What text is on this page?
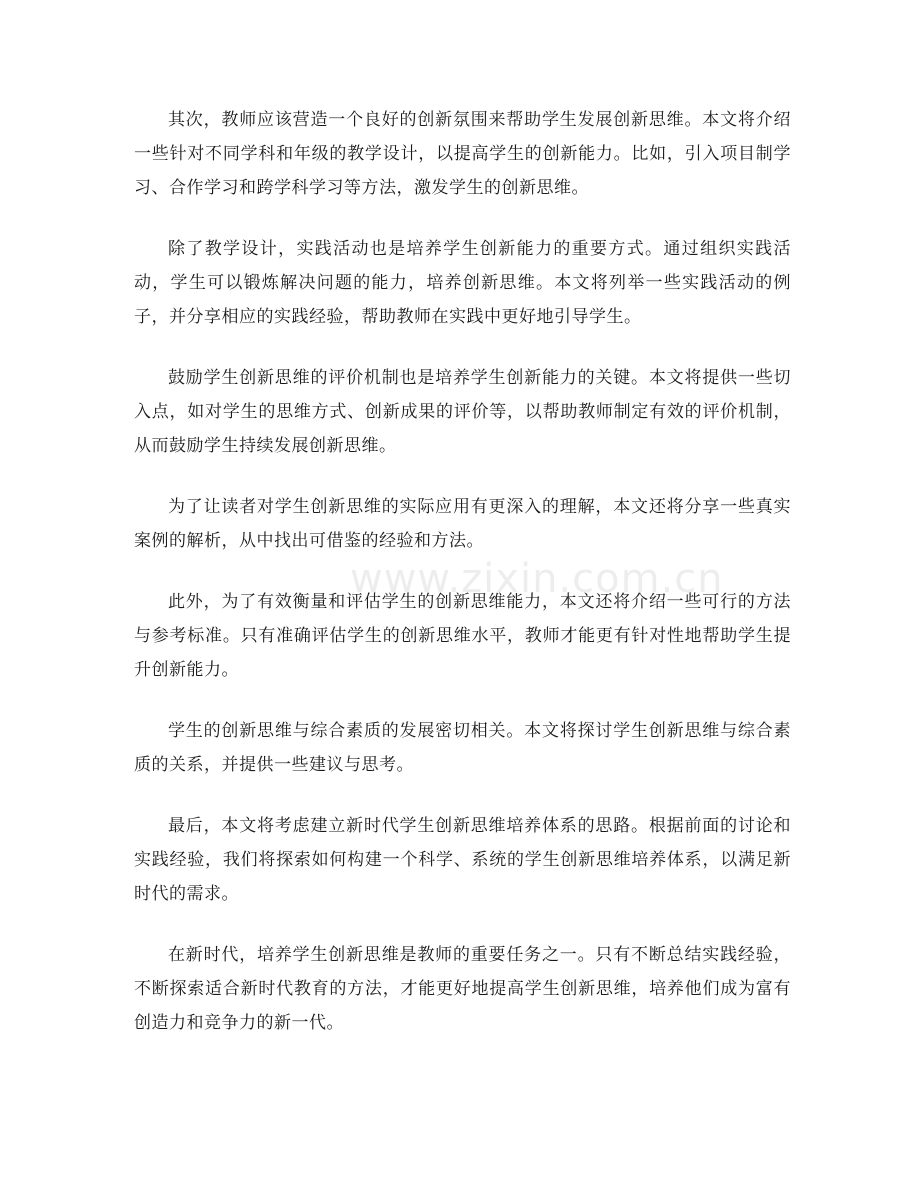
其次，教师应该营造一个良好的创新氛围来帮助学生发展创新思维。本文将介绍一些针对不同学科和年级的教学设计，以提高学生的创新能力。比如，引入项目制学习、合作学习和跨学科学习等方法，激发学生的创新思维。

除了教学设计，实践活动也是培养学生创新能力的重要方式。通过组织实践活动，学生可以锻炼解决问题的能力，培养创新思维。本文将列举一些实践活动的例子，并分享相应的实践经验，帮助教师在实践中更好地引导学生。

鼓励学生创新思维的评价机制也是培养学生创新能力的关键。本文将提供一些切入点，如对学生的思维方式、创新成果的评价等，以帮助教师制定有效的评价机制，从而鼓励学生持续发展创新思维。

为了让读者对学生创新思维的实际应用有更深入的理解，本文还将分享一些真实案例的解析，从中找出可借鉴的经验和方法。

此外，为了有效衡量和评估学生的创新思维能力，本文还将介绍一些可行的方法与参考标准。只有准确评估学生的创新思维水平，教师才能更有针对性地帮助学生提升创新能力。

学生的创新思维与综合素质的发展密切相关。本文将探讨学生创新思维与综合素质的关系，并提供一些建议与思考。

最后，本文将考虑建立新时代学生创新思维培养体系的思路。根据前面的讨论和实践经验，我们将探索如何构建一个科学、系统的学生创新思维培养体系，以满足新时代的需求。

在新时代，培养学生创新思维是教师的重要任务之一。只有不断总结实践经验，不断探索适合新时代教育的方法，才能更好地提高学生创新思维，培养他们成为富有创造力和竞争力的新一代。

www.zixin.com.cn
